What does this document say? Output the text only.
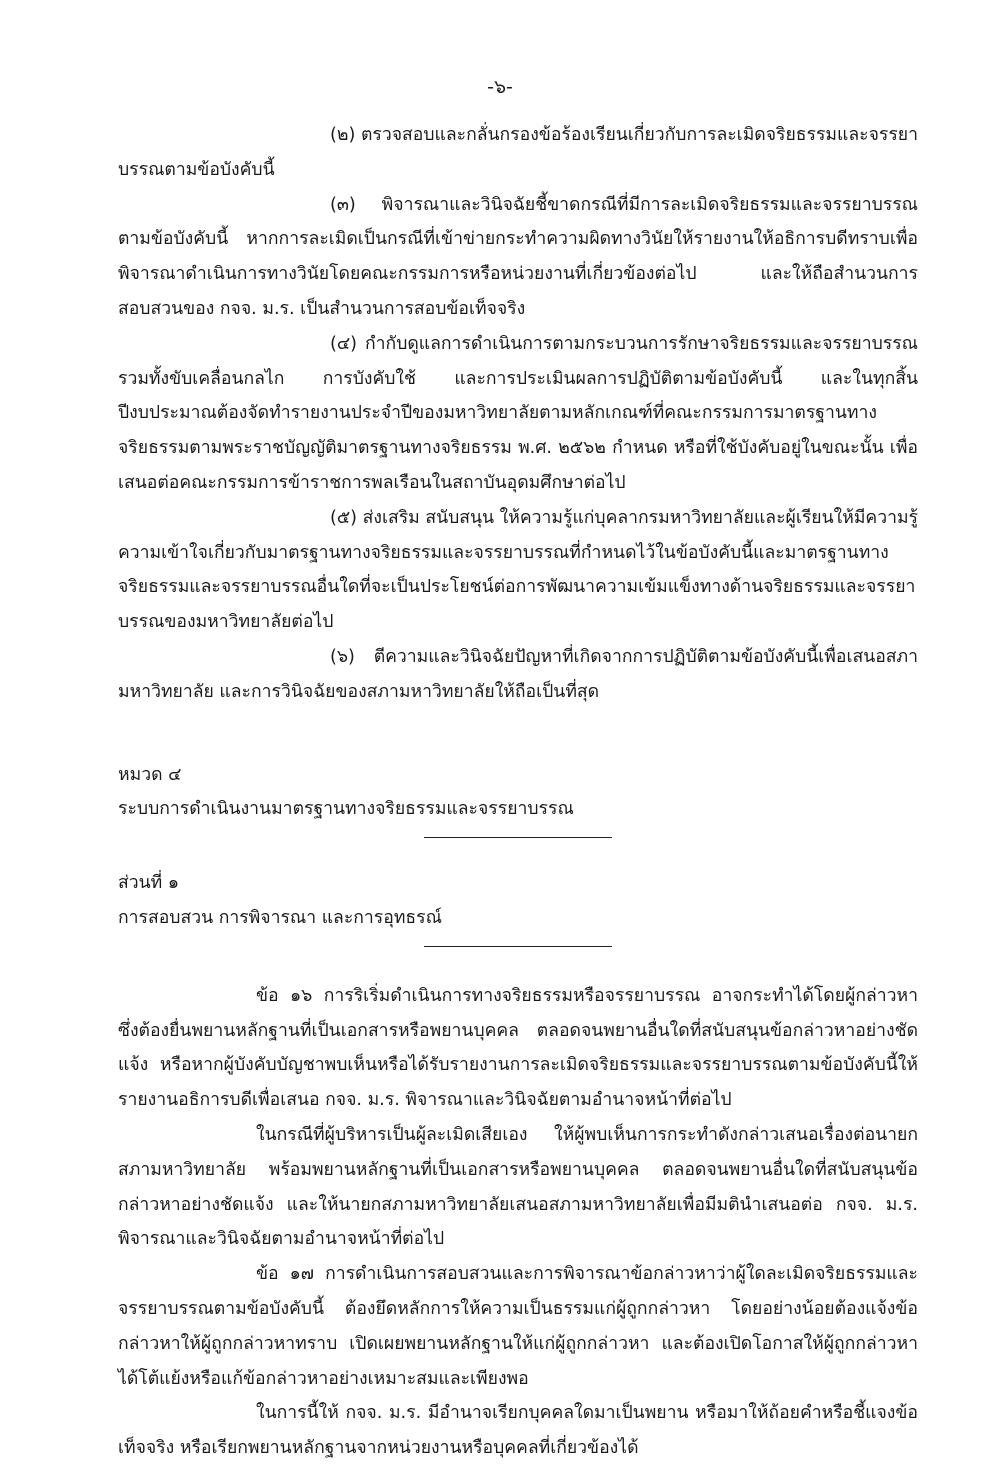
-๖-

(๒) ตรวจสอบและกลั่นกรองข้อร้องเรียนเกี่ยวกับการละเมิดจริยธรรมและจรรยาบรรณตามข้อบังคับนี้

(๓) พิจารณาและวินิจฉัยชี้ขาดกรณีที่มีการละเมิดจริยธรรมและจรรยาบรรณตามข้อบังคับนี้ หากการละเมิดเป็นกรณีที่เข้าข่ายกระทำความผิดทางวินัยให้รายงานให้อธิการบดีทราบเพื่อพิจารณาดำเนินการทางวินัยโดยคณะกรรมการหรือหน่วยงานที่เกี่ยวข้องต่อไป และให้ถือสำนวนการสอบสวนของ กจจ. ม.ร. เป็นสำนวนการสอบข้อเท็จจริง

(๔) กำกับดูแลการดำเนินการตามกระบวนการรักษาจริยธรรมและจรรยาบรรณรวมทั้งขับเคลื่อนกลไก การบังคับใช้ และการประเมินผลการปฏิบัติตามข้อบังคับนี้ และในทุกสิ้นปีงบประมาณต้องจัดทำรายงานประจำปีของมหาวิทยาลัยตามหลักเกณฑ์ที่คณะกรรมการมาตรฐานทางจริยธรรมตามพระราชบัญญัติมาตรฐานทางจริยธรรม พ.ศ. ๒๕๖๒ กำหนด หรือที่ใช้บังคับอยู่ในขณะนั้น เพื่อเสนอต่อคณะกรรมการข้าราชการพลเรือนในสถาบันอุดมศึกษาต่อไป

(๕) ส่งเสริม สนับสนุน ให้ความรู้แก่บุคลากรมหาวิทยาลัยและผู้เรียนให้มีความรู้ความเข้าใจเกี่ยวกับมาตรฐานทางจริยธรรมและจรรยาบรรณที่กำหนดไว้ในข้อบังคับนี้และมาตรฐานทางจริยธรรมและจรรยาบรรณอื่นใดที่จะเป็นประโยชน์ต่อการพัฒนาความเข้มแข็งทางด้านจริยธรรมและจรรยาบรรณของมหาวิทยาลัยต่อไป

(๖) ตีความและวินิจฉัยปัญหาที่เกิดจากการปฏิบัติตามข้อบังคับนี้เพื่อเสนอสภามหาวิทยาลัย และการวินิจฉัยของสภามหาวิทยาลัยให้ถือเป็นที่สุด

หมวด ๔

ระบบการดำเนินงานมาตรฐานทางจริยธรรมและจรรยาบรรณ

ส่วนที่ ๑

การสอบสวน การพิจารณา และการอุทธรณ์

ข้อ ๑๖ การริเริ่มดำเนินการทางจริยธรรมหรือจรรยาบรรณ อาจกระทำได้โดยผู้กล่าวหาซึ่งต้องยื่นพยานหลักฐานที่เป็นเอกสารหรือพยานบุคคล ตลอดจนพยานอื่นใดที่สนับสนุนข้อกล่าวหาอย่างชัดแจ้ง หรือหากผู้บังคับบัญชาพบเห็นหรือได้รับรายงานการละเมิดจริยธรรมและจรรยาบรรณตามข้อบังคับนี้ให้รายงานอธิการบดีเพื่อเสนอ กจจ. ม.ร. พิจารณาและวินิจฉัยตามอำนาจหน้าที่ต่อไป

ในกรณีที่ผู้บริหารเป็นผู้ละเมิดเสียเอง ให้ผู้พบเห็นการกระทำดังกล่าวเสนอเรื่องต่อนายกสภามหาวิทยาลัย พร้อมพยานหลักฐานที่เป็นเอกสารหรือพยานบุคคล ตลอดจนพยานอื่นใดที่สนับสนุนข้อกล่าวหาอย่างชัดแจ้ง และให้นายกสภามหาวิทยาลัยเสนอสภามหาวิทยาลัยเพื่อมีมตินำเสนอต่อ กจจ. ม.ร. พิจารณาและวินิจฉัยตามอำนาจหน้าที่ต่อไป

ข้อ ๑๗ การดำเนินการสอบสวนและการพิจารณาข้อกล่าวหาว่าผู้ใดละเมิดจริยธรรมและจรรยาบรรณตามข้อบังคับนี้ ต้องยึดหลักการให้ความเป็นธรรมแก่ผู้ถูกกล่าวหา โดยอย่างน้อยต้องแจ้งข้อกล่าวหาให้ผู้ถูกกล่าวหาทราบ เปิดเผยพยานหลักฐานให้แก่ผู้ถูกกล่าวหา และต้องเปิดโอกาสให้ผู้ถูกกล่าวหาได้โต้แย้งหรือแก้ข้อกล่าวหาอย่างเหมาะสมและเพียงพอ

ในการนี้ให้ กจจ. ม.ร. มีอำนาจเรียกบุคคลใดมาเป็นพยาน หรือมาให้ถ้อยคำหรือชี้แจงข้อเท็จจริง หรือเรียกพยานหลักฐานจากหน่วยงานหรือบุคคลที่เกี่ยวข้องได้
